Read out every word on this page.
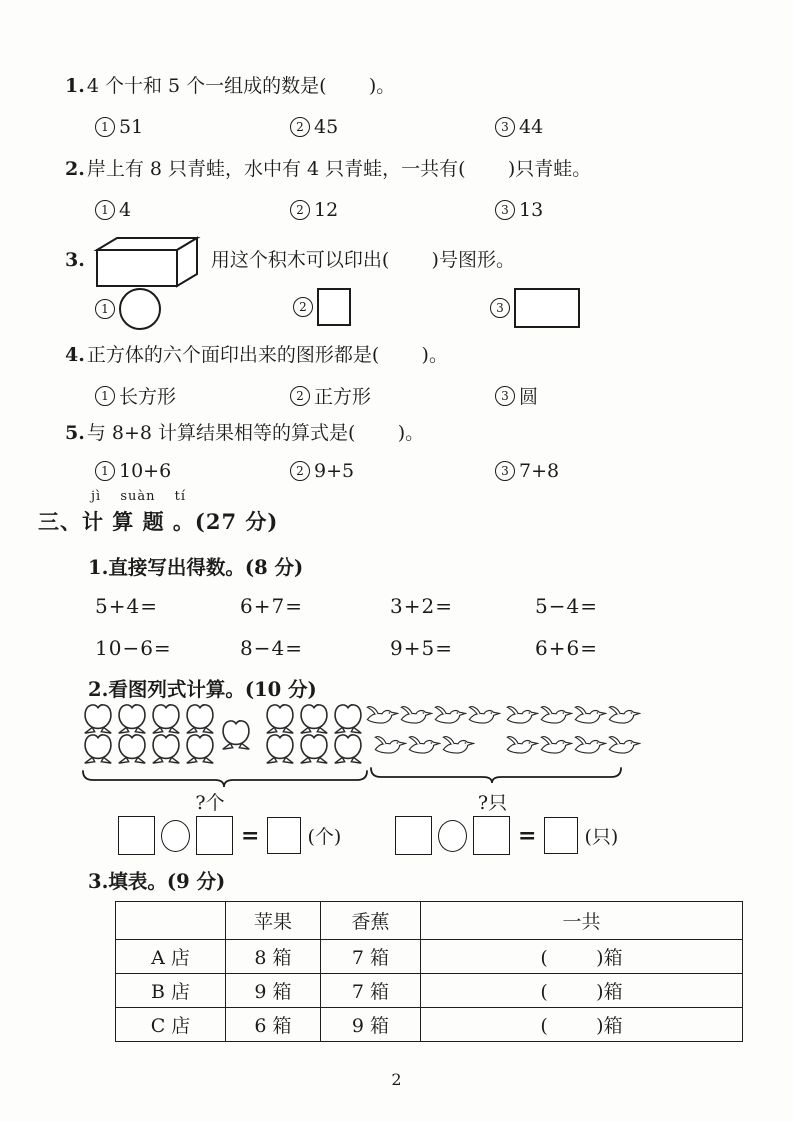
1. 4 个十和 5 个一组成的数是(       )。
1 51	2 45	3 44
2. 岸上有 8 只青蛙，水中有 4 只青蛙，一共有(       )只青蛙。
1 4	2 12	3 13
3.	用这个积木可以印出(       )号图形。
1	2	3
4. 正方体的六个面印出来的图形都是(       )。
1 长方形	2 正方形	3 圆
5. 与 8+8 计算结果相等的算式是(       )。
1 10+6	2 9+5	3 7+8
jì suàn tí
三、计 算 题 。(27 分)
1.直接写出得数。(8 分)
5+4=	6+7=	3+2=	5−4=
10−6=	8−4=	9+5=	6+6=
2.看图列式计算。(10 分)
?个	?只
=	(个)	=	(只)
3.填表。(9 分)
	苹果	香蕉	一共
A 店	8 箱	7 箱	(        )箱
B 店	9 箱	7 箱	(        )箱
C 店	6 箱	9 箱	(        )箱
2
